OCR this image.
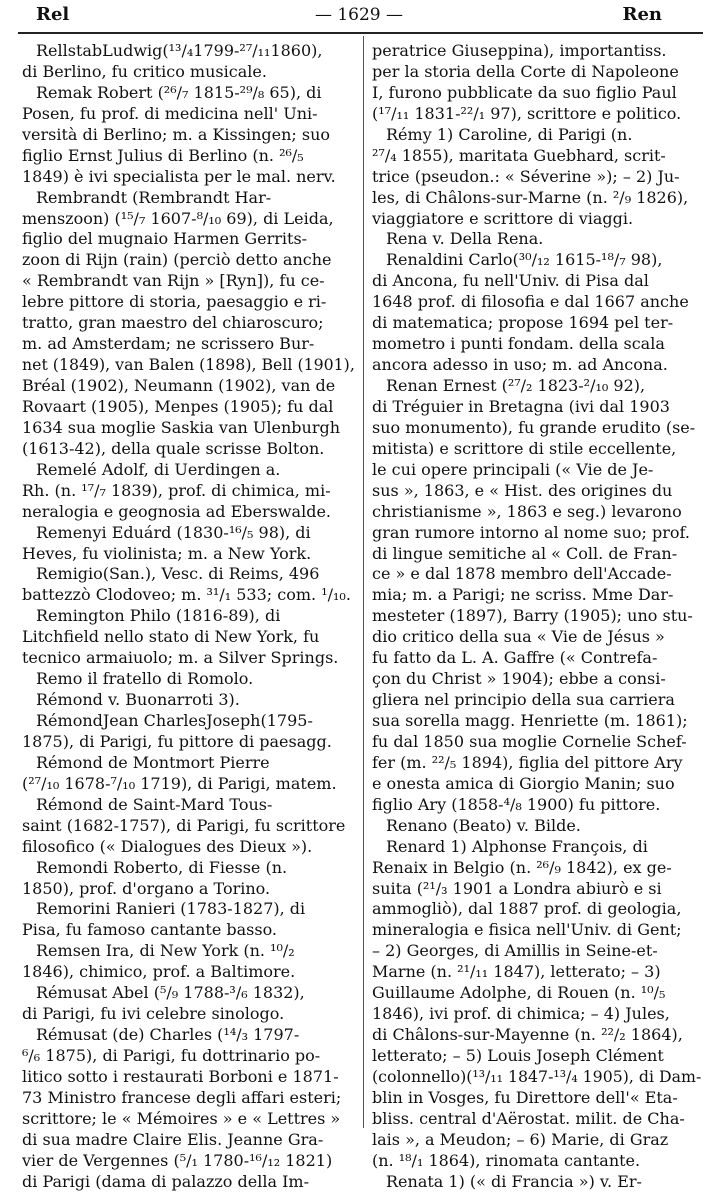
Rel	— 1629 —	Ren
RellstabLudwig(¹³/₄1799-²⁷/₁₁1860),
di Berlino, fu critico musicale.
Remak Robert (²⁶/₇ 1815-²⁹/₈ 65), di
Posen, fu prof. di medicina nell' Uni-
versità di Berlino; m. a Kissingen; suo
figlio Ernst Julius di Berlino (n. ²⁶/₅
1849) è ivi specialista per le mal. nerv.
Rembrandt (Rembrandt Har-
menszoon) (¹⁵/₇ 1607-⁸/₁₀ 69), di Leida,
figlio del mugnaio Harmen Gerrits-
zoon di Rijn (rain) (perciò detto anche
« Rembrandt van Rijn » [Ryn]), fu ce-
lebre pittore di storia, paesaggio e ri-
tratto, gran maestro del chiaroscuro;
m. ad Amsterdam; ne scrissero Bur-
net (1849), van Balen (1898), Bell (1901),
Bréal (1902), Neumann (1902), van de
Rovaart (1905), Menpes (1905); fu dal
1634 sua moglie Saskia van Ulenburgh
(1613-42), della quale scrisse Bolton.
Remelé Adolf, di Uerdingen a.
Rh. (n. ¹⁷/₇ 1839), prof. di chimica, mi-
neralogia e geognosia ad Eberswalde.
Remenyi Eduárd (1830-¹⁶/₅ 98), di
Heves, fu violinista; m. a New York.
Remigio(San.), Vesc. di Reims, 496
battezzò Clodoveo; m. ³¹/₁ 533; com. ¹/₁₀.
Remington Philo (1816-89), di
Litchfield nello stato di New York, fu
tecnico armaiuolo; m. a Silver Springs.
Remo il fratello di Romolo.
Rémond v. Buonarroti 3).
RémondJean CharlesJoseph(1795-
1875), di Parigi, fu pittore di paesagg.
Rémond de Montmort Pierre
(²⁷/₁₀ 1678-⁷/₁₀ 1719), di Parigi, matem.
Rémond de Saint-Mard Tous-
saint (1682-1757), di Parigi, fu scrittore
filosofico (« Dialogues des Dieux »).
Remondi Roberto, di Fiesse (n.
1850), prof. d'organo a Torino.
Remorini Ranieri (1783-1827), di
Pisa, fu famoso cantante basso.
Remsen Ira, di New York (n. ¹⁰/₂
1846), chimico, prof. a Baltimore.
Rémusat Abel (⁵/₉ 1788-³/₆ 1832),
di Parigi, fu ivi celebre sinologo.
Rémusat (de) Charles (¹⁴/₃ 1797-
⁶/₆ 1875), di Parigi, fu dottrinario po-
litico sotto i restaurati Borboni e 1871-
73 Ministro francese degli affari esteri;
scrittore; le « Mémoires » e « Lettres »
di sua madre Claire Elis. Jeanne Gra-
vier de Vergennes (⁵/₁ 1780-¹⁶/₁₂ 1821)
di Parigi (dama di palazzo della Im-
peratrice Giuseppina), importantiss.
per la storia della Corte di Napoleone
I, furono pubblicate da suo figlio Paul
(¹⁷/₁₁ 1831-²²/₁ 97), scrittore e politico.
Rémy 1) Caroline, di Parigi (n.
²⁷/₄ 1855), maritata Guebhard, scrit-
trice (pseudon.: « Séverine »); – 2) Ju-
les, di Châlons-sur-Marne (n. ²/₉ 1826),
viaggiatore e scrittore di viaggi.
Rena v. Della Rena.
Renaldini Carlo(³⁰/₁₂ 1615-¹⁸/₇ 98),
di Ancona, fu nell'Univ. di Pisa dal
1648 prof. di filosofia e dal 1667 anche
di matematica; propose 1694 pel ter-
mometro i punti fondam. della scala
ancora adesso in uso; m. ad Ancona.
Renan Ernest (²⁷/₂ 1823-²/₁₀ 92),
di Tréguier in Bretagna (ivi dal 1903
suo monumento), fu grande erudito (se-
mitista) e scrittore di stile eccellente,
le cui opere principali (« Vie de Je-
sus », 1863, e « Hist. des origines du
christianisme », 1863 e seg.) levarono
gran rumore intorno al nome suo; prof.
di lingue semitiche al « Coll. de Fran-
ce » e dal 1878 membro dell'Accade-
mia; m. a Parigi; ne scriss. Mme Dar-
mesteter (1897), Barry (1905); uno stu-
dio critico della sua « Vie de Jésus »
fu fatto da L. A. Gaffre (« Contrefa-
çon du Christ » 1904); ebbe a consi-
gliera nel principio della sua carriera
sua sorella magg. Henriette (m. 1861);
fu dal 1850 sua moglie Cornelie Schef-
fer (m. ²²/₅ 1894), figlia del pittore Ary
e onesta amica di Giorgio Manin; suo
figlio Ary (1858-⁴/₈ 1900) fu pittore.
Renano (Beato) v. Bilde.
Renard 1) Alphonse François, di
Renaix in Belgio (n. ²⁶/₉ 1842), ex ge-
suita (²¹/₃ 1901 a Londra abiurò e si
ammogliò), dal 1887 prof. di geologia,
mineralogia e fisica nell'Univ. di Gent;
– 2) Georges, di Amillis in Seine-et-
Marne (n. ²¹/₁₁ 1847), letterato; – 3)
Guillaume Adolphe, di Rouen (n. ¹⁰/₅
1846), ivi prof. di chimica; – 4) Jules,
di Châlons-sur-Mayenne (n. ²²/₂ 1864),
letterato; – 5) Louis Joseph Clément
(colonnello)(¹³/₁₁ 1847-¹³/₄ 1905), di Dam-
blin in Vosges, fu Direttore dell'« Eta-
bliss. central d'Aërostat. milit. de Cha-
lais », a Meudon; – 6) Marie, di Graz
(n. ¹⁸/₁ 1864), rinomata cantante.
Renata 1) (« di Francia ») v. Er-
